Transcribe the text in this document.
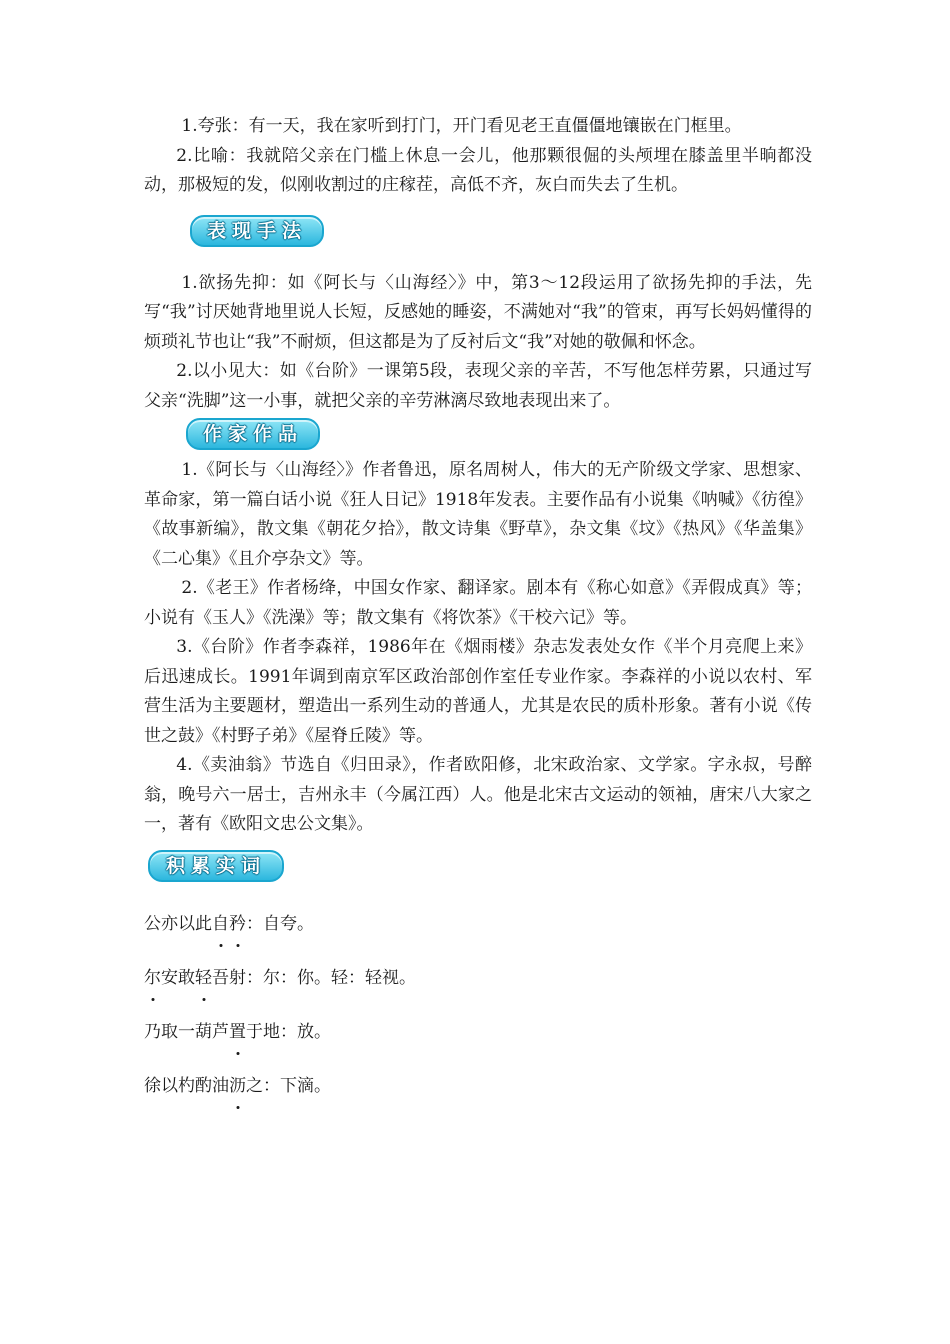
1.夸张：有一天，我在家听到打门，开门看见老王直僵僵地镶嵌在门框里。

2.比喻：我就陪父亲在门槛上休息一会儿，他那颗很倔的头颅埋在膝盖里半晌都没动，那极短的发，似刚收割过的庄稼茬，高低不齐，灰白而失去了生机。

表现手法

1.欲扬先抑：如《阿长与〈山海经〉》中，第3～12段运用了欲扬先抑的手法，先写“我”讨厌她背地里说人长短，反感她的睡姿，不满她对“我”的管束，再写长妈妈懂得的烦琐礼节也让“我”不耐烦，但这都是为了反衬后文“我”对她的敬佩和怀念。

2.以小见大：如《台阶》一课第5段，表现父亲的辛苦，不写他怎样劳累，只通过写父亲“洗脚”这一小事，就把父亲的辛劳淋漓尽致地表现出来了。

作家作品

1.《阿长与〈山海经〉》作者鲁迅，原名周树人，伟大的无产阶级文学家、思想家、革命家，第一篇白话小说《狂人日记》1918年发表。主要作品有小说集《呐喊》《彷徨》《故事新编》，散文集《朝花夕拾》，散文诗集《野草》，杂文集《坟》《热风》《华盖集》《二心集》《且介亭杂文》等。

2.《老王》作者杨绛，中国女作家、翻译家。剧本有《称心如意》《弄假成真》等；小说有《玉人》《洗澡》等；散文集有《将饮茶》《干校六记》等。

3.《台阶》作者李森祥，1986年在《烟雨楼》杂志发表处女作《半个月亮爬上来》后迅速成长。1991年调到南京军区政治部创作室任专业作家。李森祥的小说以农村、军营生活为主要题材，塑造出一系列生动的普通人，尤其是农民的质朴形象。著有小说《传世之鼓》《村野子弟》《屋脊丘陵》等。

4.《卖油翁》节选自《归田录》，作者欧阳修，北宋政治家、文学家。字永叔，号醉翁，晚号六一居士，吉州永丰（今属江西）人。他是北宋古文运动的领袖，唐宋八大家之一，著有《欧阳文忠公文集》。

积累实词

公亦以此自矜：自夸。

尔安敢轻吾射：尔：你。轻：轻视。

乃取一葫芦置于地：放。

徐以杓酌油沥之：下滴。
